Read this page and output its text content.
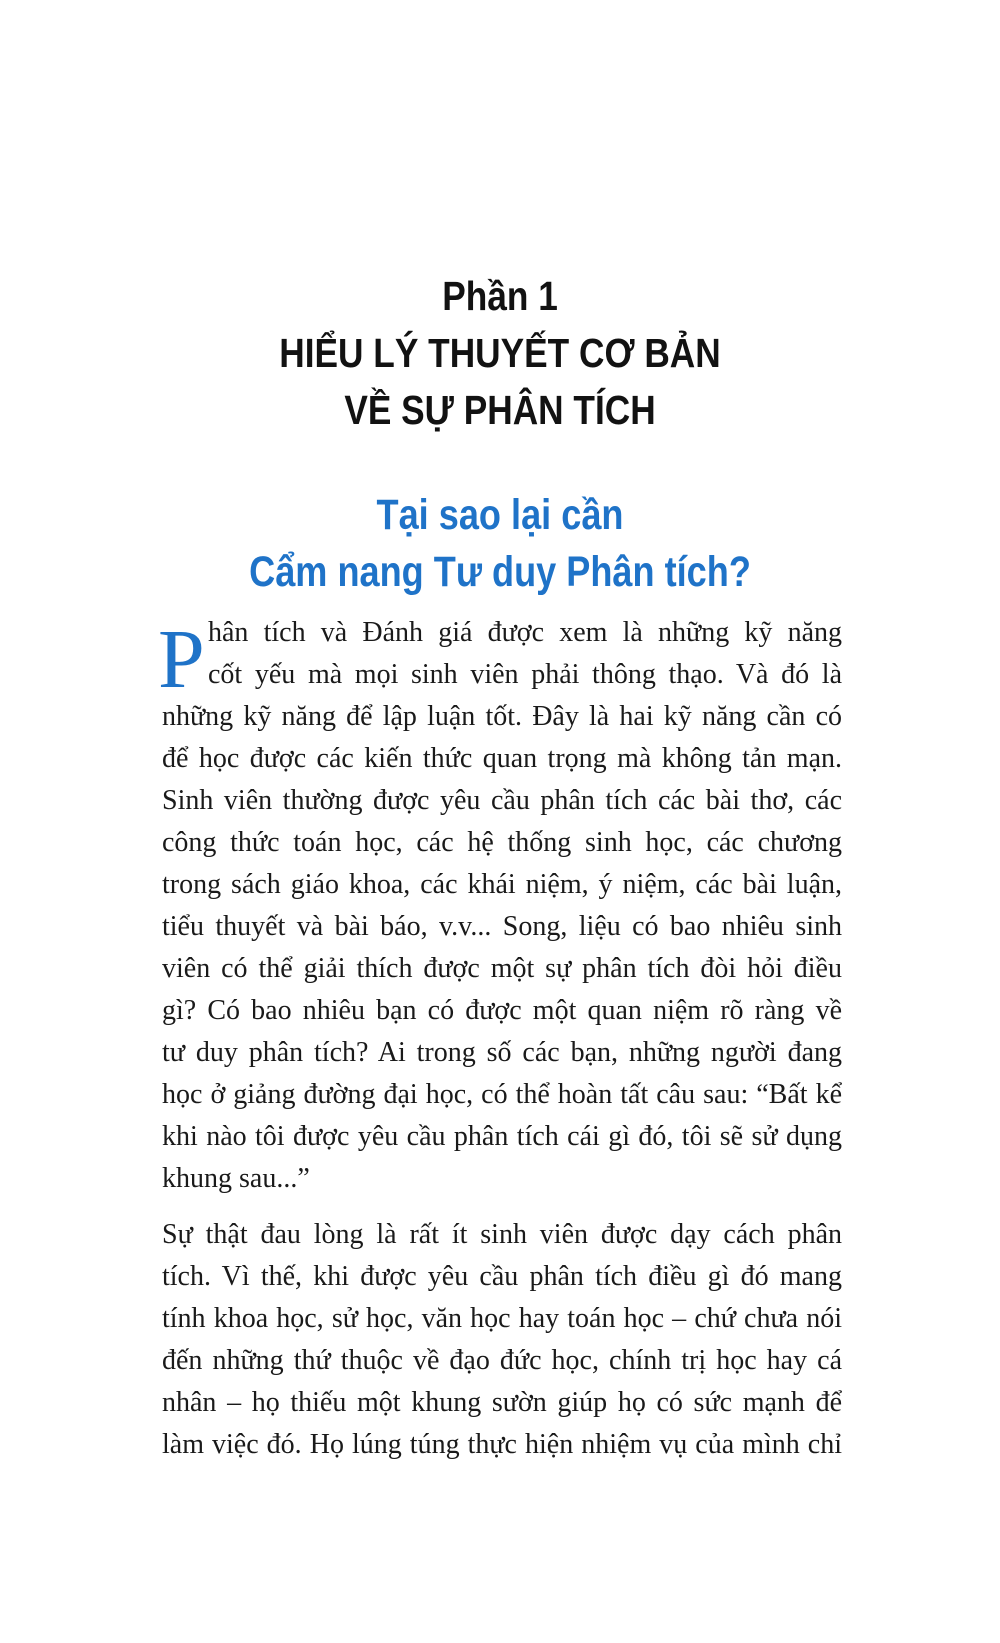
Phần 1
HIỂU LÝ THUYẾT CƠ BẢN
VỀ SỰ PHÂN TÍCH
Tại sao lại cần
Cẩm nang Tư duy Phân tích?
P hân tích và Đánh giá được xem là những kỹ năng
cốt yếu mà mọi sinh viên phải thông thạo. Và đó là
những kỹ năng để lập luận tốt. Đây là hai kỹ năng cần có
để học được các kiến thức quan trọng mà không tản mạn.
Sinh viên thường được yêu cầu phân tích các bài thơ, các
công thức toán học, các hệ thống sinh học, các chương
trong sách giáo khoa, các khái niệm, ý niệm, các bài luận,
tiểu thuyết và bài báo, v.v... Song, liệu có bao nhiêu sinh
viên có thể giải thích được một sự phân tích đòi hỏi điều
gì? Có bao nhiêu bạn có được một quan niệm rõ ràng về
tư duy phân tích? Ai trong số các bạn, những người đang
học ở giảng đường đại học, có thể hoàn tất câu sau: “Bất kể
khi nào tôi được yêu cầu phân tích cái gì đó, tôi sẽ sử dụng
khung sau...”
Sự thật đau lòng là rất ít sinh viên được dạy cách phân
tích. Vì thế, khi được yêu cầu phân tích điều gì đó mang
tính khoa học, sử học, văn học hay toán học – chứ chưa nói
đến những thứ thuộc về đạo đức học, chính trị học hay cá
nhân – họ thiếu một khung sườn giúp họ có sức mạnh để
làm việc đó. Họ lúng túng thực hiện nhiệm vụ của mình chỉ
